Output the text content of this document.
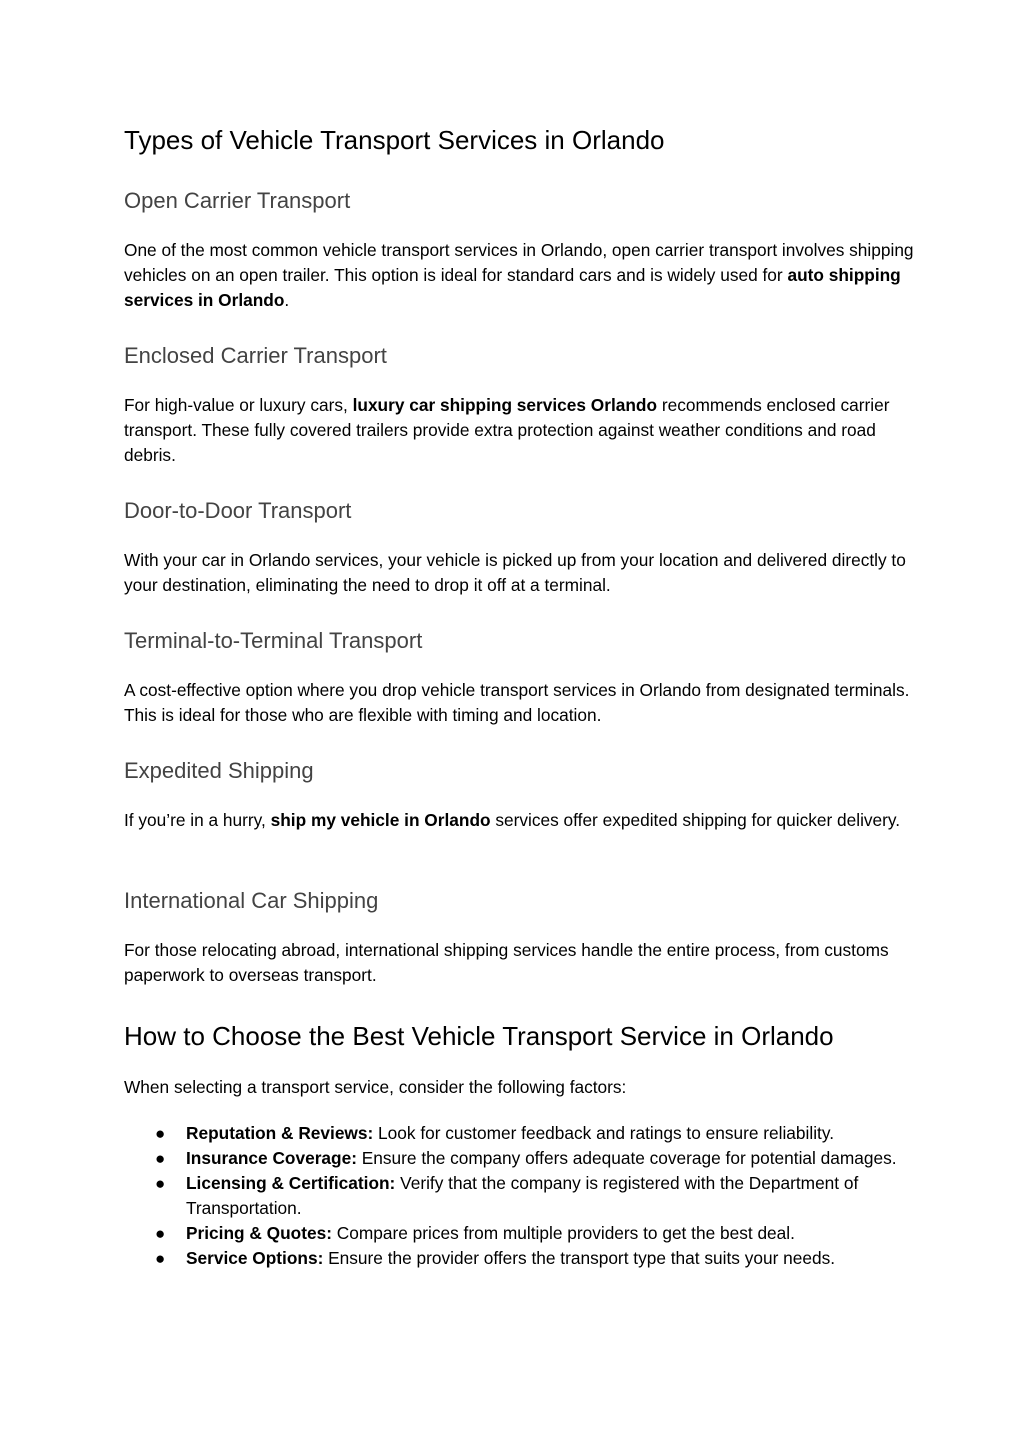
Types of Vehicle Transport Services in Orlando
Open Carrier Transport

One of the most common vehicle transport services in Orlando, open carrier transport involves shipping vehicles on an open trailer. This option is ideal for standard cars and is widely used for auto shipping services in Orlando.

Enclosed Carrier Transport

For high-value or luxury cars, luxury car shipping services Orlando recommends enclosed carrier transport. These fully covered trailers provide extra protection against weather conditions and road debris.

Door-to-Door Transport

With your car in Orlando services, your vehicle is picked up from your location and delivered directly to your destination, eliminating the need to drop it off at a terminal.

Terminal-to-Terminal Transport

A cost-effective option where you drop vehicle transport services in Orlando from designated terminals. This is ideal for those who are flexible with timing and location.

Expedited Shipping

If you’re in a hurry, ship my vehicle in Orlando services offer expedited shipping for quicker delivery.

International Car Shipping

For those relocating abroad, international shipping services handle the entire process, from customs paperwork to overseas transport.

How to Choose the Best Vehicle Transport Service in Orlando

When selecting a transport service, consider the following factors:

● Reputation & Reviews: Look for customer feedback and ratings to ensure reliability.
● Insurance Coverage: Ensure the company offers adequate coverage for potential damages.
● Licensing & Certification: Verify that the company is registered with the Department of Transportation.
● Pricing & Quotes: Compare prices from multiple providers to get the best deal.
● Service Options: Ensure the provider offers the transport type that suits your needs.
